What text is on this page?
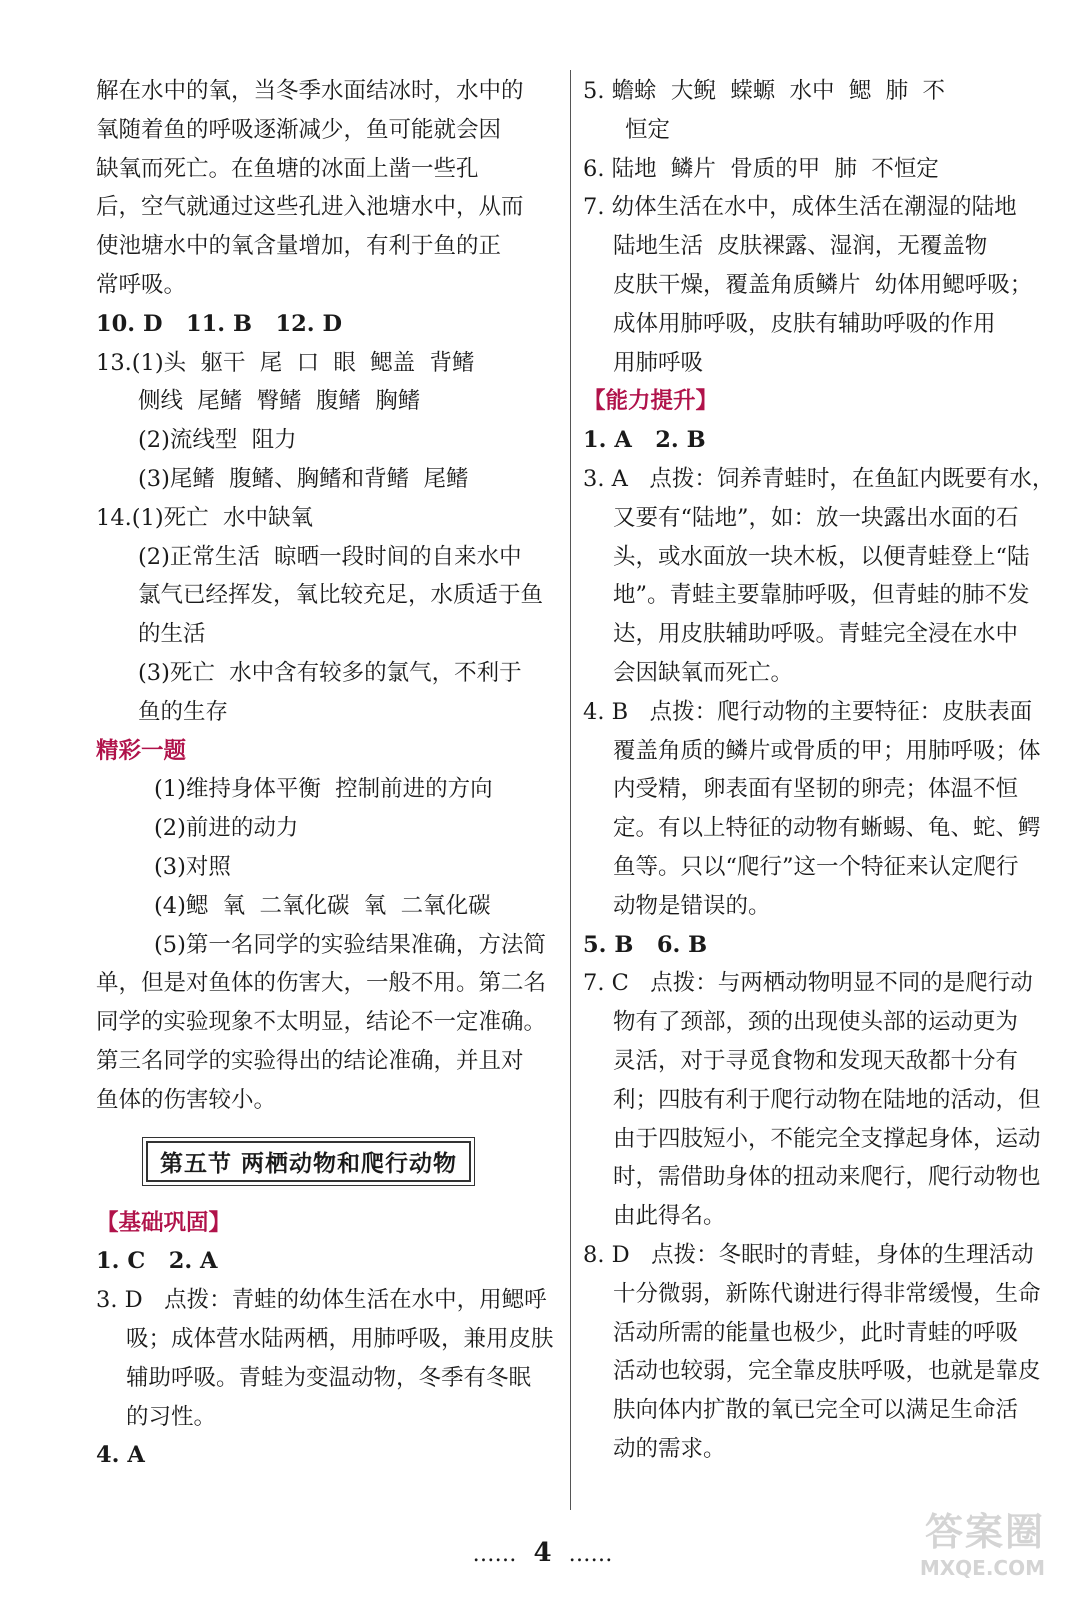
解在水中的氧，当冬季水面结冰时，水中的
氧随着鱼的呼吸逐渐减少，鱼可能就会因
缺氧而死亡。在鱼塘的冰面上凿一些孔
后，空气就通过这些孔进入池塘水中，从而
使池塘水中的氧含量增加，有利于鱼的正
常呼吸。
10. D   11. B   12. D
13.(1)头  躯干  尾  口  眼  鳃盖  背鳍
侧线  尾鳍  臀鳍  腹鳍  胸鳍
(2)流线型  阻力
(3)尾鳍  腹鳍、胸鳍和背鳍  尾鳍
14.(1)死亡  水中缺氧
(2)正常生活  晾晒一段时间的自来水中
氯气已经挥发，氧比较充足，水质适于鱼
的生活
(3)死亡  水中含有较多的氯气，不利于
鱼的生存
精彩一题
(1)维持身体平衡  控制前进的方向
(2)前进的动力
(3)对照
(4)鳃  氧  二氧化碳  氧  二氧化碳
(5)第一名同学的实验结果准确，方法简
单，但是对鱼体的伤害大，一般不用。第二名
同学的实验现象不太明显，结论不一定准确。
第三名同学的实验得出的结论准确，并且对
鱼体的伤害较小。
第五节 两栖动物和爬行动物
【基础巩固】
1. C   2. A
3. D   点拨：青蛙的幼体生活在水中，用鳃呼
吸；成体营水陆两栖，用肺呼吸，兼用皮肤
辅助呼吸。青蛙为变温动物，冬季有冬眠
的习性。
4. A
5. 蟾蜍  大鲵  蝾螈  水中  鳃  肺  不
恒定
6. 陆地  鳞片  骨质的甲  肺  不恒定
7. 幼体生活在水中，成体生活在潮湿的陆地
陆地生活  皮肤裸露、湿润，无覆盖物
皮肤干燥，覆盖角质鳞片  幼体用鳃呼吸；
成体用肺呼吸，皮肤有辅助呼吸的作用
用肺呼吸
【能力提升】
1. A   2. B
3. A   点拨：饲养青蛙时，在鱼缸内既要有水，
又要有“陆地”，如：放一块露出水面的石
头，或水面放一块木板，以便青蛙登上“陆
地”。青蛙主要靠肺呼吸，但青蛙的肺不发
达，用皮肤辅助呼吸。青蛙完全浸在水中
会因缺氧而死亡。
4. B   点拨：爬行动物的主要特征：皮肤表面
覆盖角质的鳞片或骨质的甲；用肺呼吸；体
内受精，卵表面有坚韧的卵壳；体温不恒
定。有以上特征的动物有蜥蜴、龟、蛇、鳄
鱼等。只以“爬行”这一个特征来认定爬行
动物是错误的。
5. B   6. B
7. C   点拨：与两栖动物明显不同的是爬行动
物有了颈部，颈的出现使头部的运动更为
灵活，对于寻觅食物和发现天敌都十分有
利；四肢有利于爬行动物在陆地的活动，但
由于四肢短小，不能完全支撑起身体，运动
时，需借助身体的扭动来爬行，爬行动物也
由此得名。
8. D   点拨：冬眠时的青蛙，身体的生理活动
十分微弱，新陈代谢进行得非常缓慢，生命
活动所需的能量也极少，此时青蛙的呼吸
活动也较弱，完全靠皮肤呼吸，也就是靠皮
肤向体内扩散的氧已完全可以满足生命活
动的需求。
…… 4 ……
答案圈
MXQE.COM
